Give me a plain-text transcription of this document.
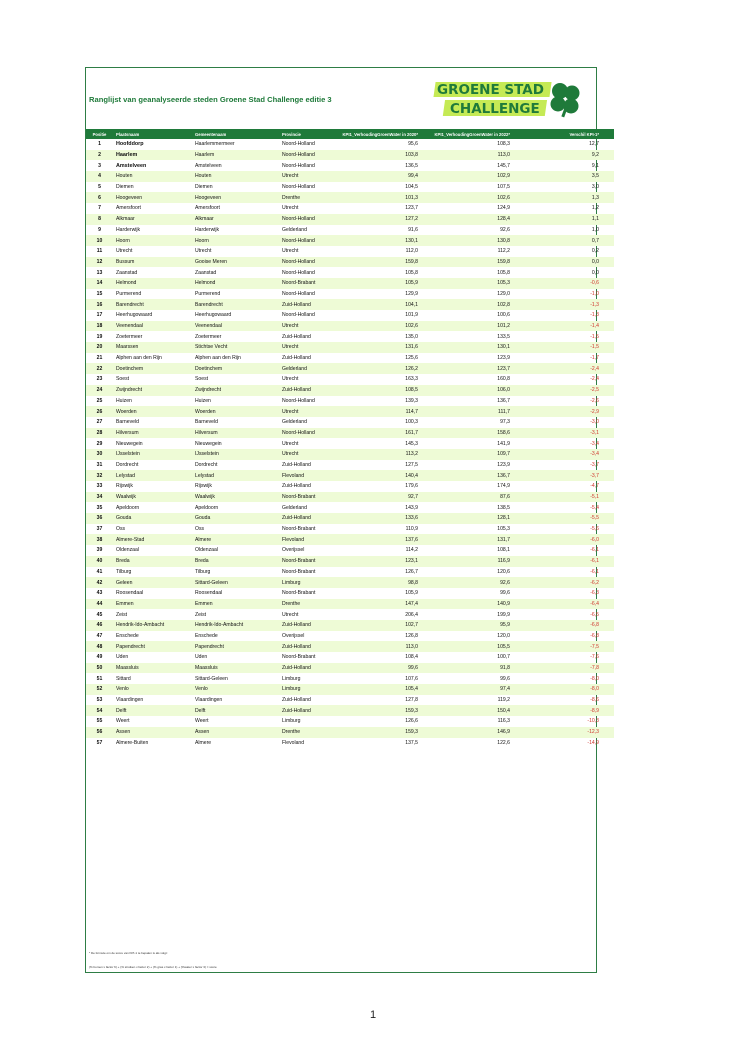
Ranglijst van geanalyseerde steden Groene Stad Challenge editie 3
GROENE STAD
CHALLENGE
Positie	Plaatsnaam	Gemeentenaam	Provincie	KPI1_VerhoudingGroenWater in 2020*	KPI1_VerhoudingGroenWater in 2022*	Verschil KPI-1*
1	Hoofddorp	Haarlemmermeer	Noord-Holland	95,6	108,3	12,7
2	Haarlem	Haarlem	Noord-Holland	103,8	113,0	9,2
3	Amstelveen	Amstelveen	Noord-Holland	136,5	145,7	9,1
4	Houten	Houten	Utrecht	99,4	102,9	3,5
5	Diemen	Diemen	Noord-Holland	104,5	107,5	3,0
6	Hoogeveen	Hoogeveen	Drenthe	101,3	102,6	1,3
7	Amersfoort	Amersfoort	Utrecht	123,7	124,9	1,2
8	Alkmaar	Alkmaar	Noord-Holland	127,2	128,4	1,1
9	Harderwijk	Harderwijk	Gelderland	91,6	92,6	1,0
10	Hoorn	Hoorn	Noord-Holland	130,1	130,8	0,7
11	Utrecht	Utrecht	Utrecht	112,0	112,2	0,2
12	Bussum	Gooise Meren	Noord-Holland	159,8	159,8	0,0
13	Zaanstad	Zaanstad	Noord-Holland	105,8	105,8	0,0
14	Helmond	Helmond	Noord-Brabant	105,9	105,3	-0,6
15	Purmerend	Purmerend	Noord-Holland	129,9	129,0	-1,0
16	Barendrecht	Barendrecht	Zuid-Holland	104,1	102,8	-1,3
17	Heerhugowaard	Heerhugowaard	Noord-Holland	101,9	100,6	-1,3
18	Veenendaal	Veenendaal	Utrecht	102,6	101,2	-1,4
19	Zoetermeer	Zoetermeer	Zuid-Holland	135,0	133,5	-1,5
20	Maarssen	Stichtse Vecht	Utrecht	131,6	130,1	-1,5
21	Alphen aan den Rijn	Alphen aan den Rijn	Zuid-Holland	125,6	123,9	-1,7
22	Doetinchem	Doetinchem	Gelderland	126,2	123,7	-2,4
23	Soest	Soest	Utrecht	163,3	160,8	-2,4
24	Zwijndrecht	Zwijndrecht	Zuid-Holland	108,5	106,0	-2,5
25	Huizen	Huizen	Noord-Holland	139,3	136,7	-2,6
26	Woerden	Woerden	Utrecht	114,7	111,7	-2,9
27	Barneveld	Barneveld	Gelderland	100,3	97,3	-3,0
28	Hilversum	Hilversum	Noord-Holland	161,7	158,6	-3,1
29	Nieuwegein	Nieuwegein	Utrecht	145,3	141,9	-3,4
30	IJsselstein	IJsselstein	Utrecht	113,2	109,7	-3,4
31	Dordrecht	Dordrecht	Zuid-Holland	127,5	123,9	-3,7
32	Lelystad	Lelystad	Flevoland	140,4	136,7	-3,7
33	Rijswijk	Rijswijk	Zuid-Holland	179,6	174,9	-4,7
34	Waalwijk	Waalwijk	Noord-Brabant	92,7	87,6	-5,1
35	Apeldoorn	Apeldoorn	Gelderland	143,9	138,5	-5,4
36	Gouda	Gouda	Zuid-Holland	133,6	128,1	-5,5
37	Oss	Oss	Noord-Brabant	110,9	105,3	-5,6
38	Almere-Stad	Almere	Flevoland	137,6	131,7	-6,0
39	Oldenzaal	Oldenzaal	Overijssel	114,2	108,1	-6,1
40	Breda	Breda	Noord-Brabant	123,1	116,9	-6,1
41	Tilburg	Tilburg	Noord-Brabant	126,7	120,6	-6,1
42	Geleen	Sittard-Geleen	Limburg	98,8	92,6	-6,2
43	Roosendaal	Roosendaal	Noord-Brabant	105,9	99,6	-6,3
44	Emmen	Emmen	Drenthe	147,4	140,9	-6,4
45	Zeist	Zeist	Utrecht	206,4	199,9	-6,5
46	Hendrik-Ido-Ambacht	Hendrik-Ido-Ambacht	Zuid-Holland	102,7	95,9	-6,8
47	Enschede	Enschede	Overijssel	126,8	120,0	-6,8
48	Papendrecht	Papendrecht	Zuid-Holland	113,0	105,5	-7,5
49	Uden	Uden	Noord-Brabant	108,4	100,7	-7,6
50	Maassluis	Maassluis	Zuid-Holland	99,6	91,8	-7,8
51	Sittard	Sittard-Geleen	Limburg	107,6	99,6	-8,0
52	Venlo	Venlo	Limburg	105,4	97,4	-8,0
53	Vlaardingen	Vlaardingen	Zuid-Holland	127,8	119,2	-8,6
54	Delft	Delft	Zuid-Holland	159,3	150,4	-8,9
55	Weert	Weert	Limburg	126,6	116,3	-10,3
56	Assen	Assen	Drenthe	159,3	146,9	-12,3
57	Almere-Buiten	Almere	Flevoland	137,5	122,6	-14,9
* De formule om de score van KPI-1 te bepalen is als volgt:
(% bomen x factor 6) + (% struiken x factor 2) + (% gras x factor 1) + (%water x factor 3) = score
1
